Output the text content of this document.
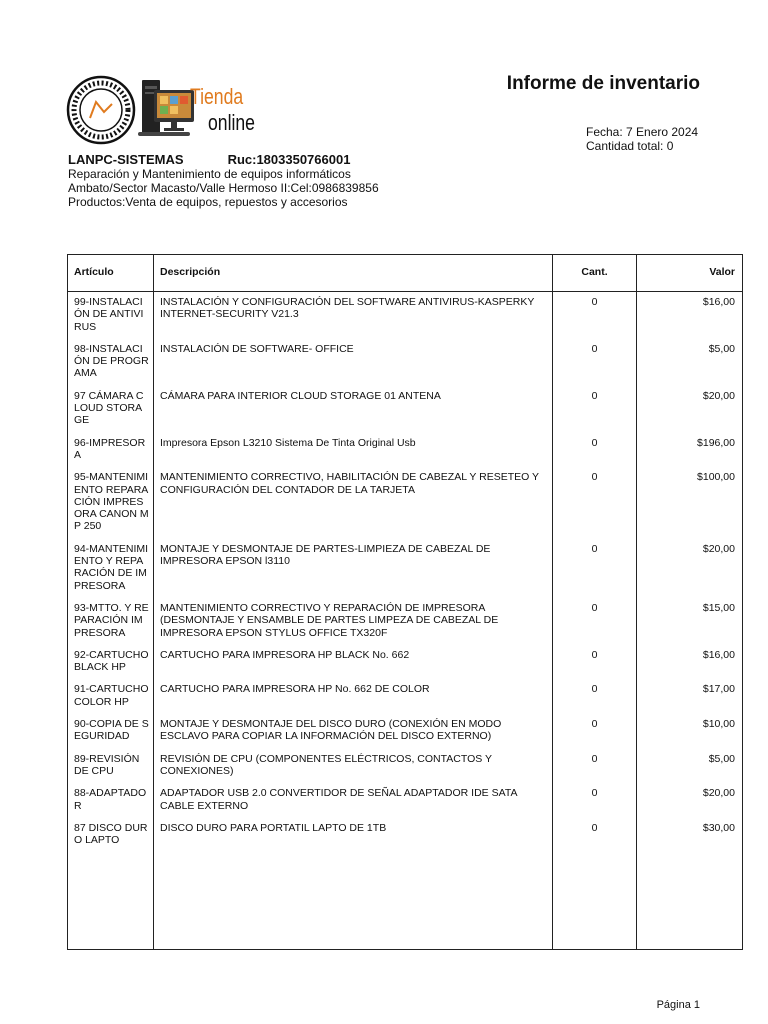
Tienda
online
Informe de inventario
Fecha: 7 Enero 2024
Cantidad total: 0
LANPC-SISTEMAS	Ruc:1803350766001
Reparación y Mantenimiento de equipos informáticos
Ambato/Sector Macasto/Valle Hermoso II:Cel:0986839856
Productos:Venta de equipos, repuestos y accesorios
Artículo	Descripción	Cant.	Valor
99-INSTALACIÓN DE ANTIVIRUS	INSTALACIÓN Y CONFIGURACIÓN DEL SOFTWARE ANTIVIRUS-KASPERKY INTERNET-SECURITY V21.3	0	$16,00
98-INSTALACIÓN DE PROGRAMA	INSTALACIÓN DE SOFTWARE- OFFICE	0	$5,00
97 CÁMARA CLOUD STORAGE	CÁMARA PARA INTERIOR CLOUD STORAGE 01 ANTENA	0	$20,00
96-IMPRESORA	Impresora Epson L3210 Sistema De Tinta Original Usb	0	$196,00
95-MANTENIMIENTO REPARACIÓN IMPRESORA CANON MP 250	MANTENIMIENTO CORRECTIVO, HABILITACIÓN DE CABEZAL Y RESETEO Y CONFIGURACIÓN DEL CONTADOR DE LA TARJETA	0	$100,00
94-MANTENIMIENTO Y REPARACIÓN DE IMPRESORA	MONTAJE Y DESMONTAJE DE PARTES-LIMPIEZA DE CABEZAL DE IMPRESORA EPSON l3110	0	$20,00
93-MTTO. Y REPARACIÓN IMPRESORA	MANTENIMIENTO CORRECTIVO Y REPARACIÓN DE IMPRESORA (DESMONTAJE Y ENSAMBLE DE PARTES LIMPEZA DE CABEZAL DE IMPRESORA EPSON STYLUS OFFICE TX320F	0	$15,00
92-CARTUCHO BLACK HP	CARTUCHO PARA IMPRESORA HP BLACK No. 662	0	$16,00
91-CARTUCHO COLOR HP	CARTUCHO PARA IMPRESORA HP No. 662 DE COLOR	0	$17,00
90-COPIA DE SEGURIDAD	MONTAJE Y DESMONTAJE DEL DISCO DURO (CONEXIÓN EN MODO ESCLAVO PARA COPIAR LA INFORMACIÓN DEL DISCO EXTERNO)	0	$10,00
89-REVISIÓN DE CPU	REVISIÓN DE CPU (COMPONENTES ELÉCTRICOS, CONTACTOS Y CONEXIONES)	0	$5,00
88-ADAPTADOR	ADAPTADOR USB 2.0 CONVERTIDOR DE SEÑAL ADAPTADOR IDE SATA CABLE EXTERNO	0	$20,00
87 DISCO DURO LAPTO	DISCO DURO PARA PORTATIL LAPTO DE 1TB	0	$30,00
Página 1
